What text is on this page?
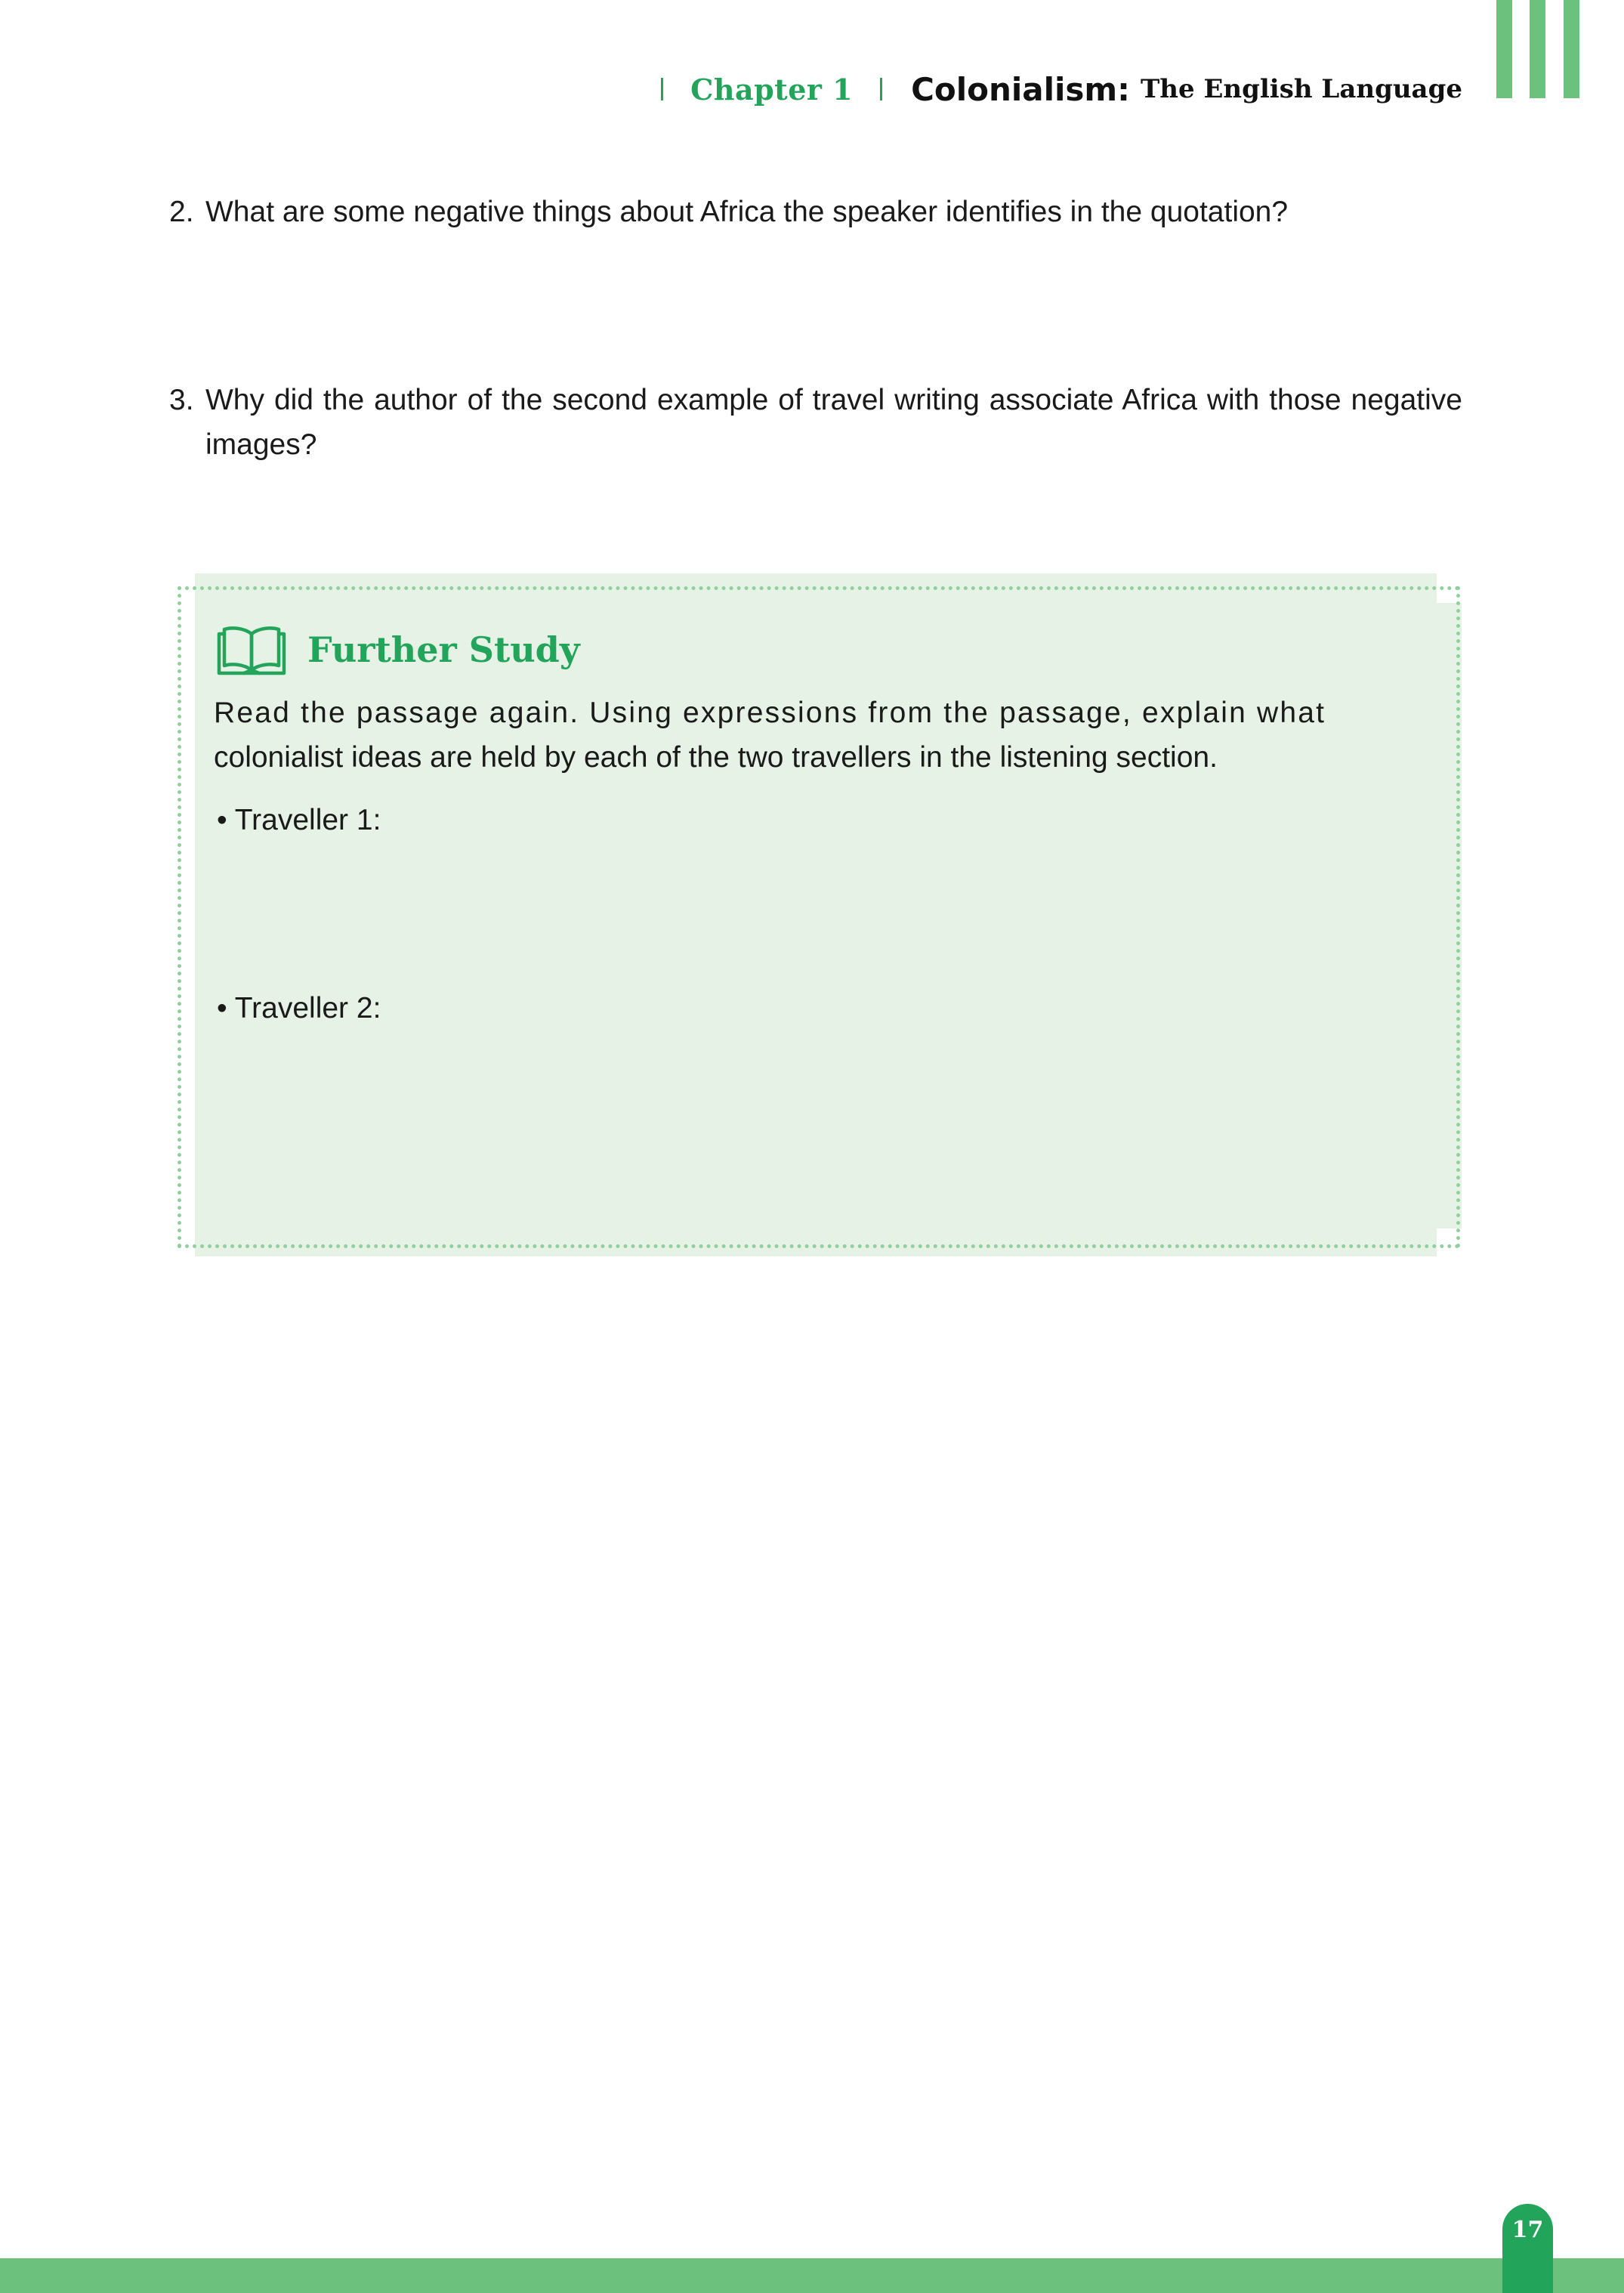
Chapter 1 Colonialism: The English Language
2. What are some negative things about Africa the speaker identifies in the quotation?
3. Why did the author of the second example of travel writing associate Africa with those negative images?
Further Study

Read the passage again. Using expressions from the passage, explain what
colonialist ideas are held by each of the two travellers in the listening section.

• Traveller 1:
• Traveller 2:
17
